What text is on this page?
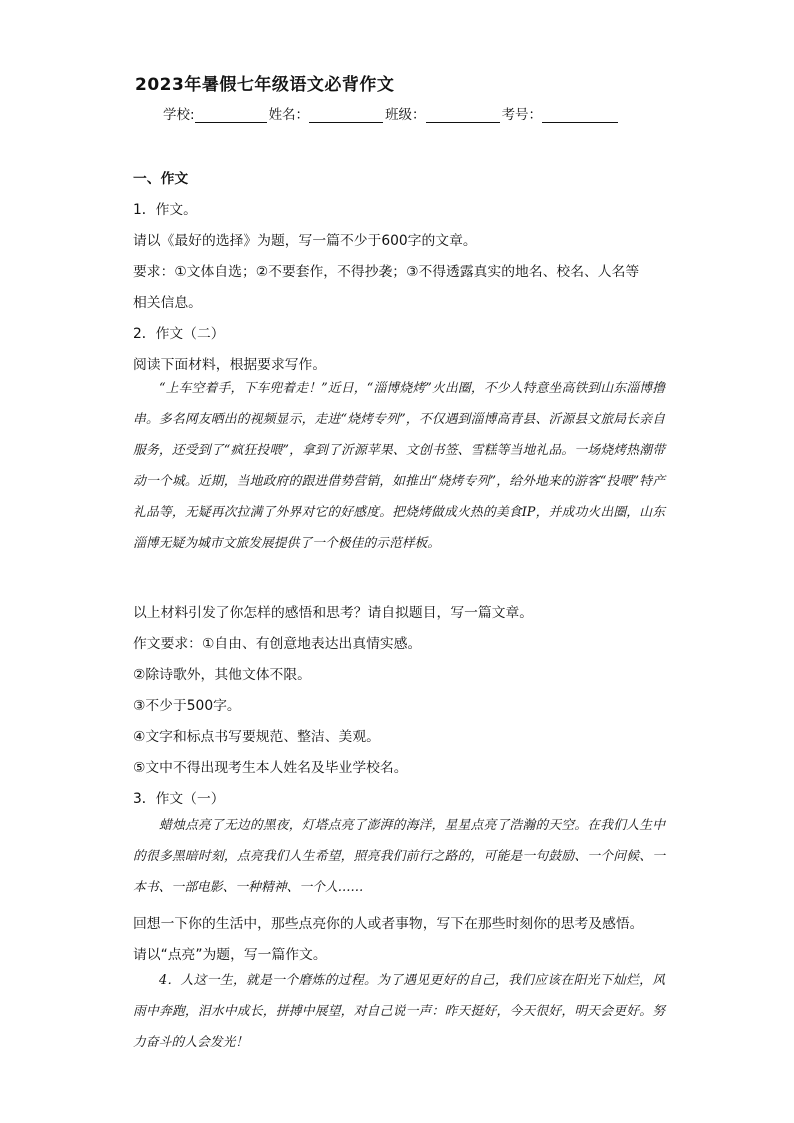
2023年暑假七年级语文必背作文
学校:	姓名：	班级：	考号：
一、作文
1．作文。
请以《最好的选择》为题，写一篇不少于600字的文章。
要求：①文体自选；②不要套作，不得抄袭；③不得透露真实的地名、校名、人名等
相关信息。
2．作文（二）
阅读下面材料，根据要求写作。
“上车空着手，下车兜着走！”近日，“淄博烧烤”火出圈，不少人特意坐高铁到山东淄博撸串。多名网友晒出的视频显示，走进“烧烤专列”，不仅遇到淄博高青县、沂源县文旅局长亲自服务，还受到了“疯狂投喂”，拿到了沂源苹果、文创书签、雪糕等当地礼品。一场烧烤热潮带动一个城。近期，当地政府的跟进借势营销，如推出“烧烤专列”，给外地来的游客“投喂”特产礼品等，无疑再次拉满了外界对它的好感度。把烧烤做成火热的美食IP，并成功火出圈，山东淄博无疑为城市文旅发展提供了一个极佳的示范样板。
以上材料引发了你怎样的感悟和思考？请自拟题目，写一篇文章。
作文要求：①自由、有创意地表达出真情实感。
②除诗歌外，其他文体不限。
③不少于500字。
④文字和标点书写要规范、整洁、美观。
⑤文中不得出现考生本人姓名及毕业学校名。
3．作文（一）
蜡烛点亮了无边的黑夜，灯塔点亮了澎湃的海洋，星星点亮了浩瀚的天空。在我们人生中的很多黑暗时刻，点亮我们人生希望，照亮我们前行之路的，可能是一句鼓励、一个问候、一本书、一部电影、一种精神、一个人……
回想一下你的生活中，那些点亮你的人或者事物，写下在那些时刻你的思考及感悟。
请以“点亮”为题，写一篇作文。
4．人这一生，就是一个磨炼的过程。为了遇见更好的自己，我们应该在阳光下灿烂，风雨中奔跑，泪水中成长，拼搏中展望，对自己说一声：昨天挺好，今天很好，明天会更好。努力奋斗的人会发光！
